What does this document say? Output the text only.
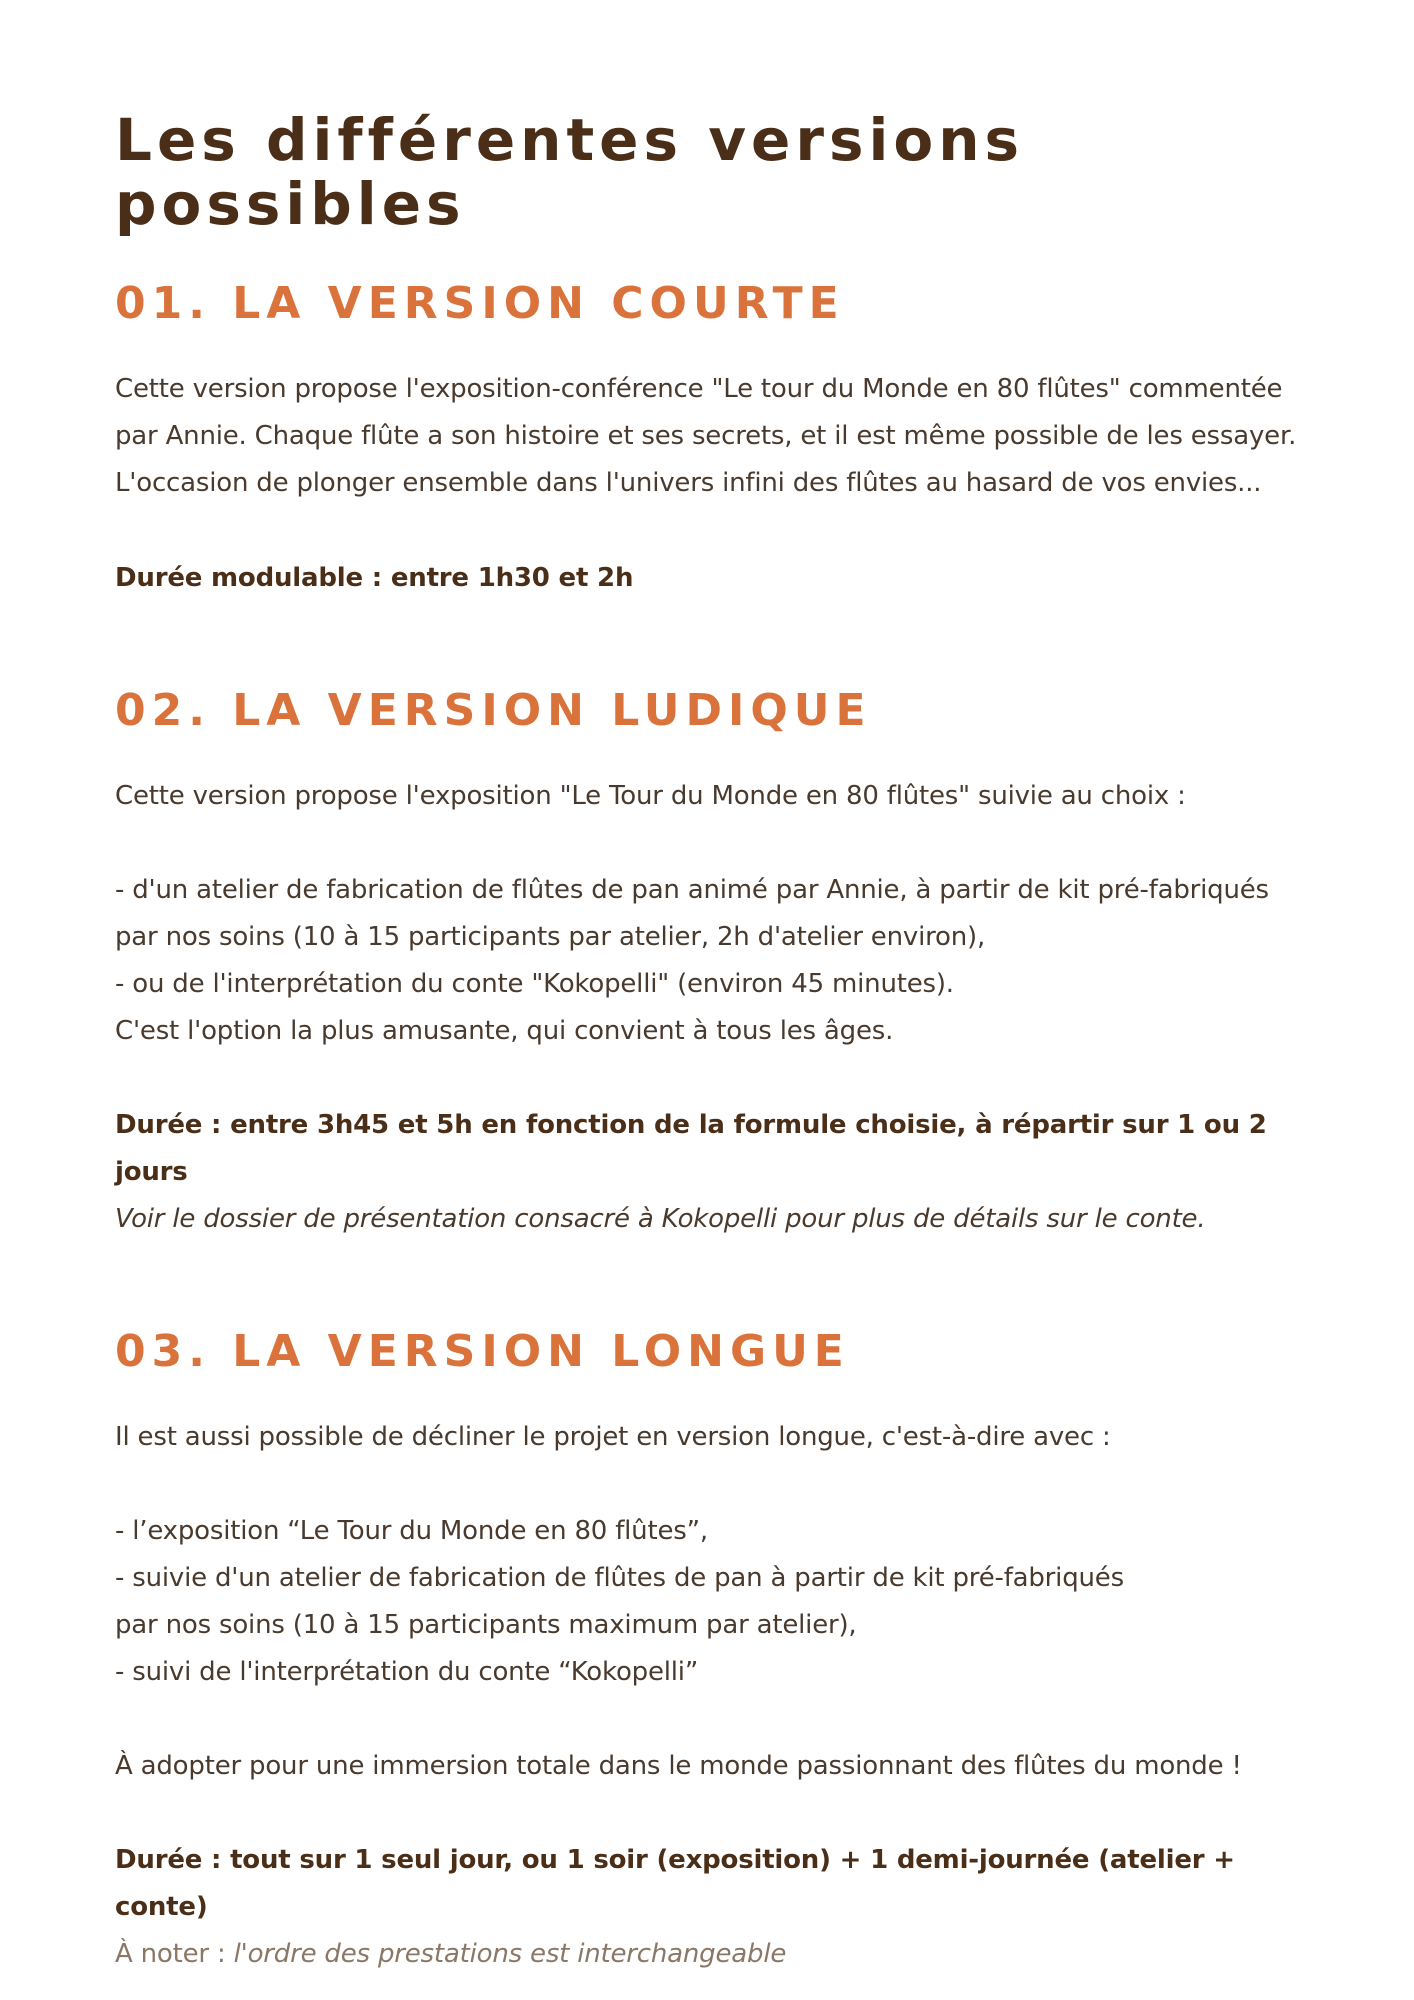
Les différentes versions
possibles
01. LA VERSION COURTE

Cette version propose l'exposition-conférence "Le tour du Monde en 80 flûtes" commentée
par Annie. Chaque flûte a son histoire et ses secrets, et il est même possible de les essayer.
L'occasion de plonger ensemble dans l'univers infini des flûtes au hasard de vos envies...

Durée modulable : entre 1h30 et 2h

02. LA VERSION LUDIQUE

Cette version propose l'exposition "Le Tour du Monde en 80 flûtes" suivie au choix :

- d'un atelier de fabrication de flûtes de pan animé par Annie, à partir de kit pré-fabriqués
par nos soins (10 à 15 participants par atelier, 2h d'atelier environ),
- ou de l'interprétation du conte "Kokopelli" (environ 45 minutes).
C'est l'option la plus amusante, qui convient à tous les âges.

Durée : entre 3h45 et 5h en fonction de la formule choisie, à répartir sur 1 ou 2 jours
Voir le dossier de présentation consacré à Kokopelli pour plus de détails sur le conte.

03. LA VERSION LONGUE

Il est aussi possible de décliner le projet en version longue, c'est-à-dire avec :

- l’exposition “Le Tour du Monde en 80 flûtes”,
- suivie d'un atelier de fabrication de flûtes de pan à partir de kit pré-fabriqués
par nos soins (10 à 15 participants maximum par atelier),
- suivi de l'interprétation du conte “Kokopelli”

À adopter pour une immersion totale dans le monde passionnant des flûtes du monde !

Durée : tout sur 1 seul jour, ou 1 soir (exposition) + 1 demi-journée (atelier + conte)
À noter : l'ordre des prestations est interchangeable
